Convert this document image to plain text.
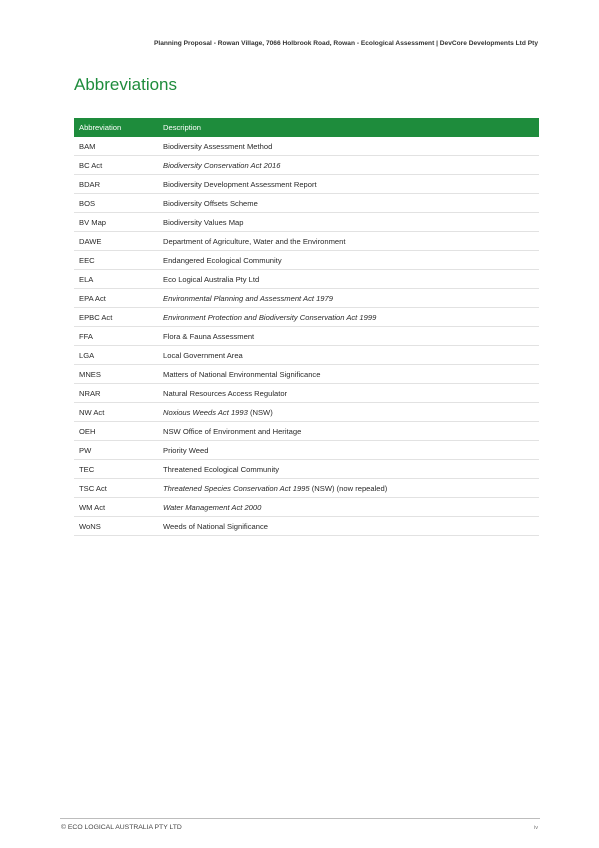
Planning Proposal - Rowan Village, 7066 Holbrook Road, Rowan - Ecological Assessment | DevCore Developments Ltd Pty
Abbreviations
Abbreviation	Description
BAM	Biodiversity Assessment Method
BC Act	Biodiversity Conservation Act 2016
BDAR	Biodiversity Development Assessment Report
BOS	Biodiversity Offsets Scheme
BV Map	Biodiversity Values Map
DAWE	Department of Agriculture, Water and the Environment
EEC	Endangered Ecological Community
ELA	Eco Logical Australia Pty Ltd
EPA Act	Environmental Planning and Assessment Act 1979
EPBC Act	Environment Protection and Biodiversity Conservation Act 1999
FFA	Flora & Fauna Assessment
LGA	Local Government Area
MNES	Matters of National Environmental Significance
NRAR	Natural Resources Access Regulator
NW Act	Noxious Weeds Act 1993 (NSW)
OEH	NSW Office of Environment and Heritage
PW	Priority Weed
TEC	Threatened Ecological Community
TSC Act	Threatened Species Conservation Act 1995 (NSW) (now repealed)
WM Act	Water Management Act 2000
WoNS	Weeds of National Significance
© ECO LOGICAL AUSTRALIA PTY LTD	iv
